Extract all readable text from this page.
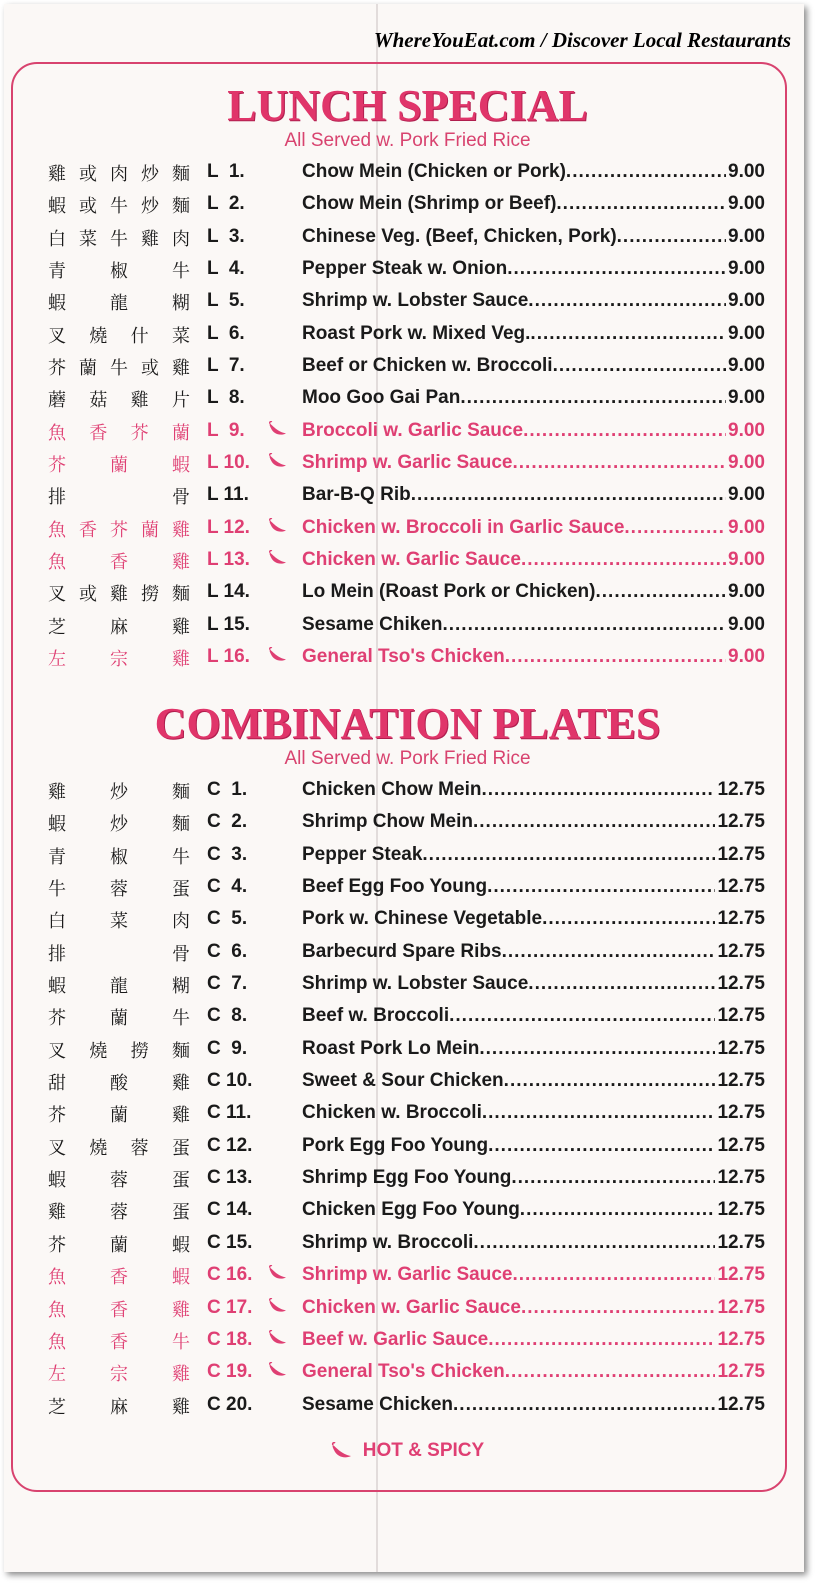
WhereYouEat.com / Discover Local Restaurants
LUNCH SPECIAL
All Served w. Pork Fried Rice
雞 或 肉 炒 麵 L  1.	Chow Mein (Chicken or Pork) .....	9.00
蝦 或 牛 炒 麵 L  2.	Chow Mein (Shrimp or Beef) .....	9.00
白 菜 牛 雞 肉 L  3.	Chinese Veg. (Beef, Chicken, Pork) .....	9.00
青 椒 牛 L  4.	Pepper Steak w. Onion .....	9.00
蝦 龍 糊 L  5.	Shrimp w. Lobster Sauce .....	9.00
叉 燒 什 菜 L  6.	Roast Pork w. Mixed Veg. .....	9.00
芥 蘭 牛 或 雞 L  7.	Beef or Chicken w. Broccoli .....	9.00
蘑 菇 雞 片 L  8.	Moo Goo Gai Pan .....	9.00
魚 香 芥 蘭 L  9.	Broccoli w. Garlic Sauce .....	9.00
芥 蘭 蝦 L 10.	Shrimp w. Garlic Sauce .....	9.00
排	骨 L 11.	Bar-B-Q Rib .....	9.00
魚 香 芥 蘭 雞 L 12.	Chicken w. Broccoli in Garlic Sauce .....	9.00
魚 香 雞 L 13.	Chicken w. Garlic Sauce .....	9.00
叉 或 雞 撈 麵 L 14.	Lo Mein (Roast Pork or Chicken) .....	9.00
芝 麻 雞 L 15.	Sesame Chiken .....	9.00
左 宗 雞 L 16.	General Tso's Chicken .....	9.00
COMBINATION PLATES
All Served w. Pork Fried Rice
雞 炒 麵 C  1.	Chicken Chow Mein .....	12.75
蝦 炒 麵 C  2.	Shrimp Chow Mein .....	12.75
青 椒 牛 C  3.	Pepper Steak .....	12.75
牛 蓉 蛋 C  4.	Beef Egg Foo Young .....	12.75
白 菜 肉 C  5.	Pork w. Chinese Vegetable .....	12.75
排	骨 C  6.	Barbecurd Spare Ribs .....	12.75
蝦 龍 糊 C  7.	Shrimp w. Lobster Sauce .....	12.75
芥 蘭 牛 C  8.	Beef w. Broccoli .....	12.75
叉 燒 撈 麵 C  9.	Roast Pork Lo Mein .....	12.75
甜 酸 雞 C 10.	Sweet & Sour Chicken .....	12.75
芥 蘭 雞 C 11.	Chicken w. Broccoli .....	12.75
叉 燒 蓉 蛋 C 12.	Pork Egg Foo Young .....	12.75
蝦 蓉 蛋 C 13.	Shrimp Egg Foo Young .....	12.75
雞 蓉 蛋 C 14.	Chicken Egg Foo Young .....	12.75
芥 蘭 蝦 C 15.	Shrimp w. Broccoli .....	12.75
魚 香 蝦 C 16.	Shrimp w. Garlic Sauce .....	12.75
魚 香 雞 C 17.	Chicken w. Garlic Sauce .....	12.75
魚 香 牛 C 18.	Beef w. Garlic Sauce .....	12.75
左 宗 雞 C 19.	General Tso's Chicken .....	12.75
芝 麻 雞 C 20.	Sesame Chicken .....	12.75
HOT & SPICY
